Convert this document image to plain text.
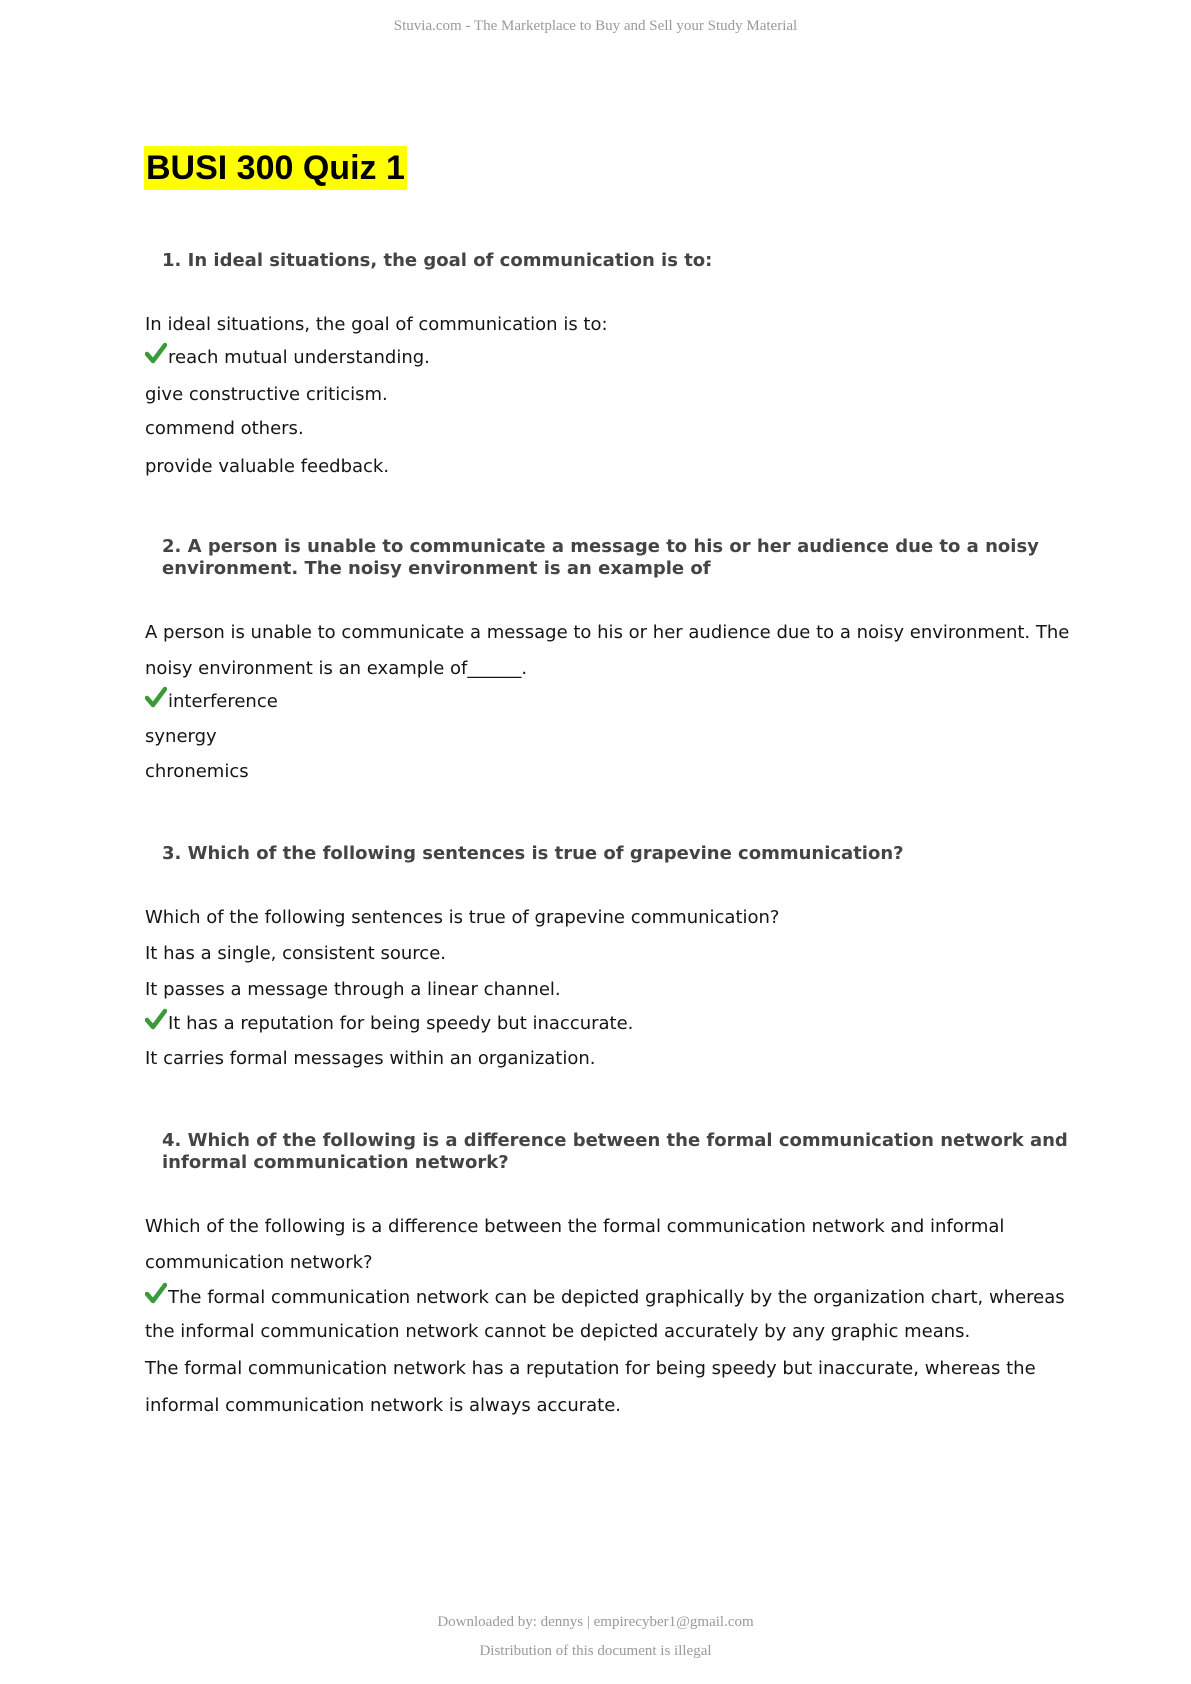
Stuvia.com - The Marketplace to Buy and Sell your Study Material
BUSI 300 Quiz 1
1. In ideal situations, the goal of communication is to:
In ideal situations, the goal of communication is to:
reach mutual understanding.
give constructive criticism.
commend others.
provide valuable feedback.
2. A person is unable to communicate a message to his or her audience due to a noisy environment. The noisy environment is an example of
A person is unable to communicate a message to his or her audience due to a noisy environment. The
noisy environment is an example of______.
interference
synergy
chronemics
3. Which of the following sentences is true of grapevine communication?
Which of the following sentences is true of grapevine communication?
It has a single, consistent source.
It passes a message through a linear channel.
It has a reputation for being speedy but inaccurate.
It carries formal messages within an organization.
4. Which of the following is a difference between the formal communication network and informal communication network?
Which of the following is a difference between the formal communication network and informal
communication network?
The formal communication network can be depicted graphically by the organization chart, whereas
the informal communication network cannot be depicted accurately by any graphic means.
The formal communication network has a reputation for being speedy but inaccurate, whereas the
informal communication network is always accurate.
Downloaded by: dennys | empirecyber1@gmail.com
Distribution of this document is illegal
